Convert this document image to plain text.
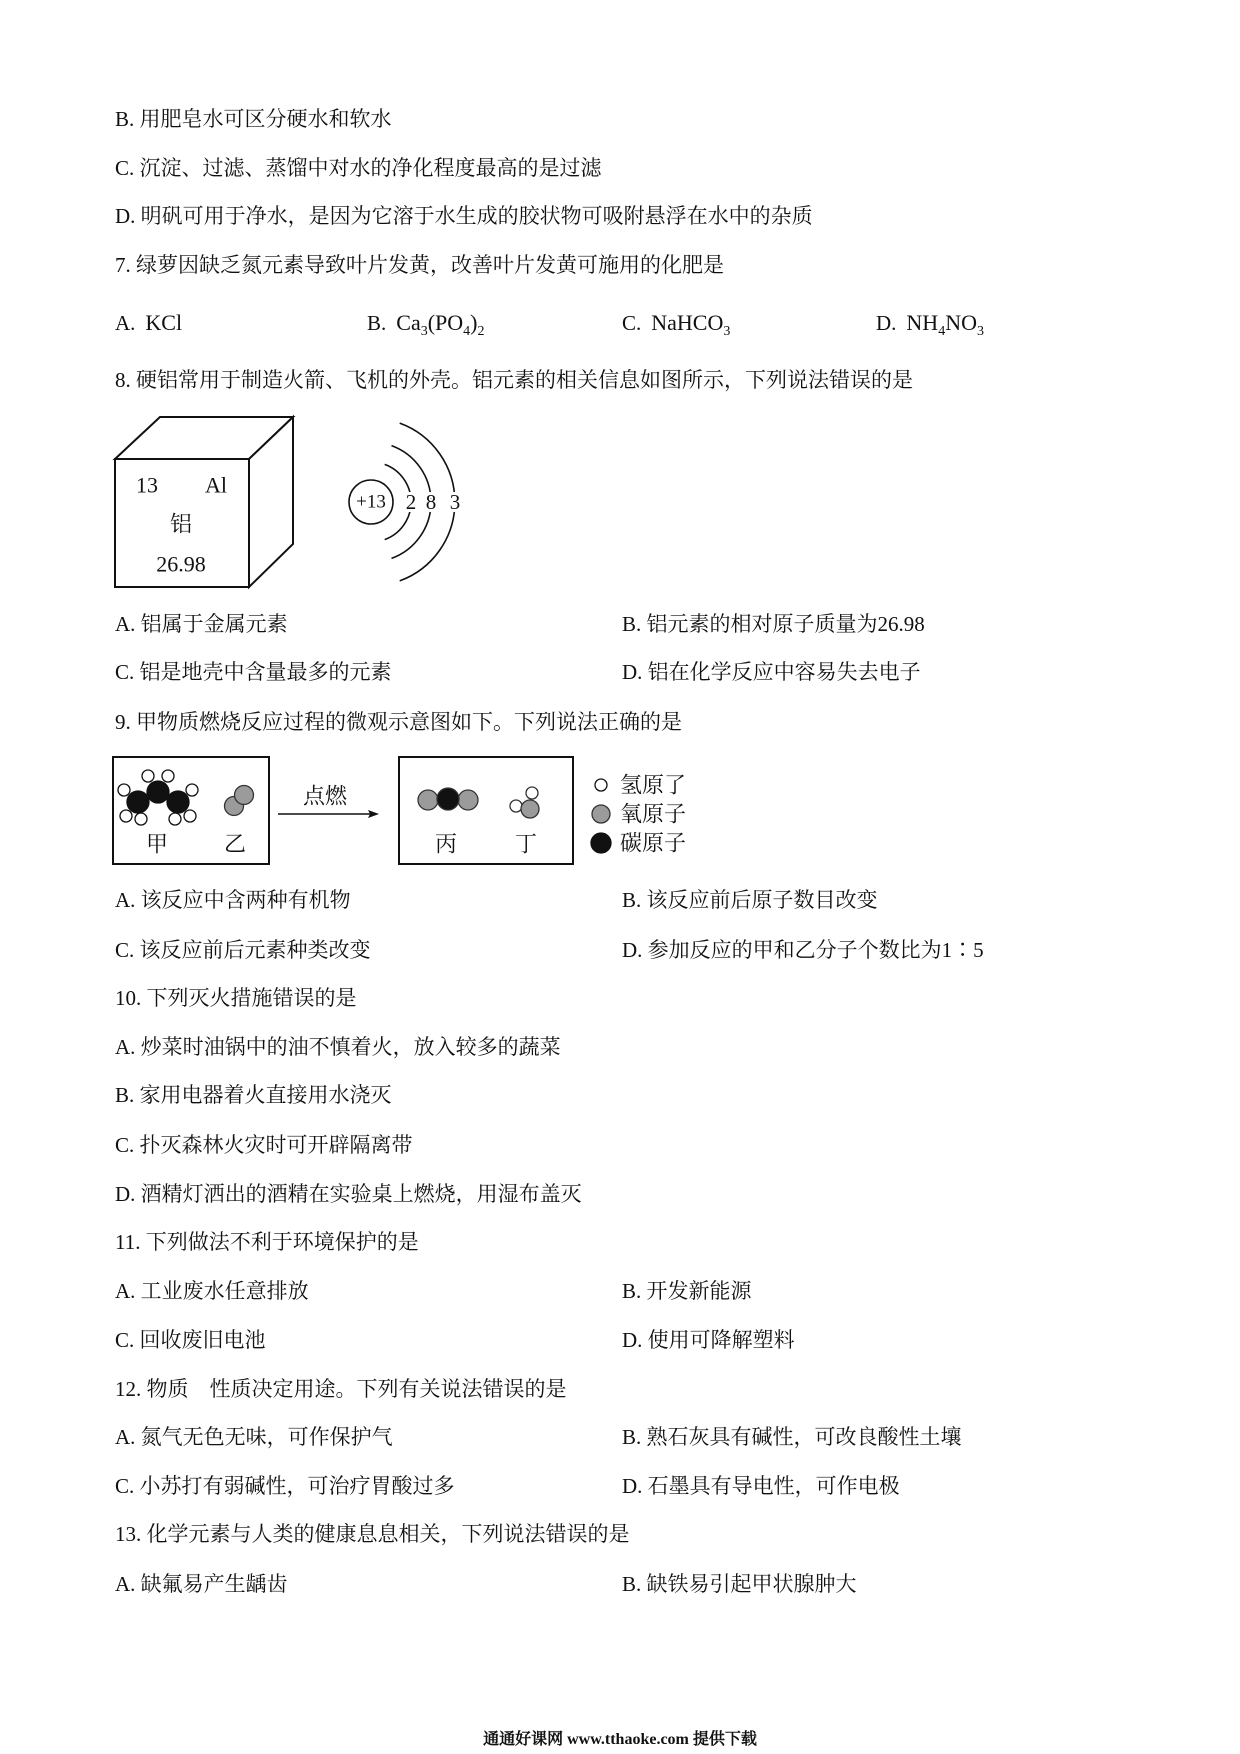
B. 用肥皂水可区分硬水和软水
C. 沉淀、过滤、蒸馏中对水的净化程度最高的是过滤
D. 明矾可用于净水，是因为它溶于水生成的胶状物可吸附悬浮在水中的杂质
7. 绿萝因缺乏氮元素导致叶片发黄，改善叶片发黄可施用的化肥是
A. KCl	B. $Ca_3(PO_4)_2$	C. NaHCO$_3$	D. $NH_4NO_3$
8. 硬铝常用于制造火箭、飞机的外壳。铝元素的相关信息如图所示，下列说法错误的是
13 Al
铝
26.98
+13 2 8 3
A. 铝属于金属元素	B. 铝元素的相对原子质量为26.98
C. 铝是地壳中含量最多的元素	D. 铝在化学反应中容易失去电子
9. 甲物质燃烧反应过程的微观示意图如下。下列说法正确的是
甲	乙
点燃
丙	丁
氢原了
氧原子
碳原子
A. 该反应中含两种有机物	B. 该反应前后原子数目改变
C. 该反应前后元素种类改变	D. 参加反应的甲和乙分子个数比为1∶5
10. 下列灭火措施错误的是
A. 炒菜时油锅中的油不慎着火，放入较多的蔬菜
B. 家用电器着火直接用水浇灭
C. 扑灭森林火灾时可开辟隔离带
D. 酒精灯洒出的酒精在实验桌上燃烧，用湿布盖灭
11. 下列做法不利于环境保护的是
A. 工业废水任意排放	B. 开发新能源
C. 回收废旧电池	D. 使用可降解塑料
12. 物质　性质决定用途。下列有关说法错误的是
A. 氮气无色无味，可作保护气	B. 熟石灰具有碱性，可改良酸性土壤
C. 小苏打有弱碱性，可治疗胃酸过多	D. 石墨具有导电性，可作电极
13. 化学元素与人类的健康息息相关，下列说法错误的是
A. 缺氟易产生龋齿	B. 缺铁易引起甲状腺肿大
通通好课网 www.tthaoke.com 提供下载
